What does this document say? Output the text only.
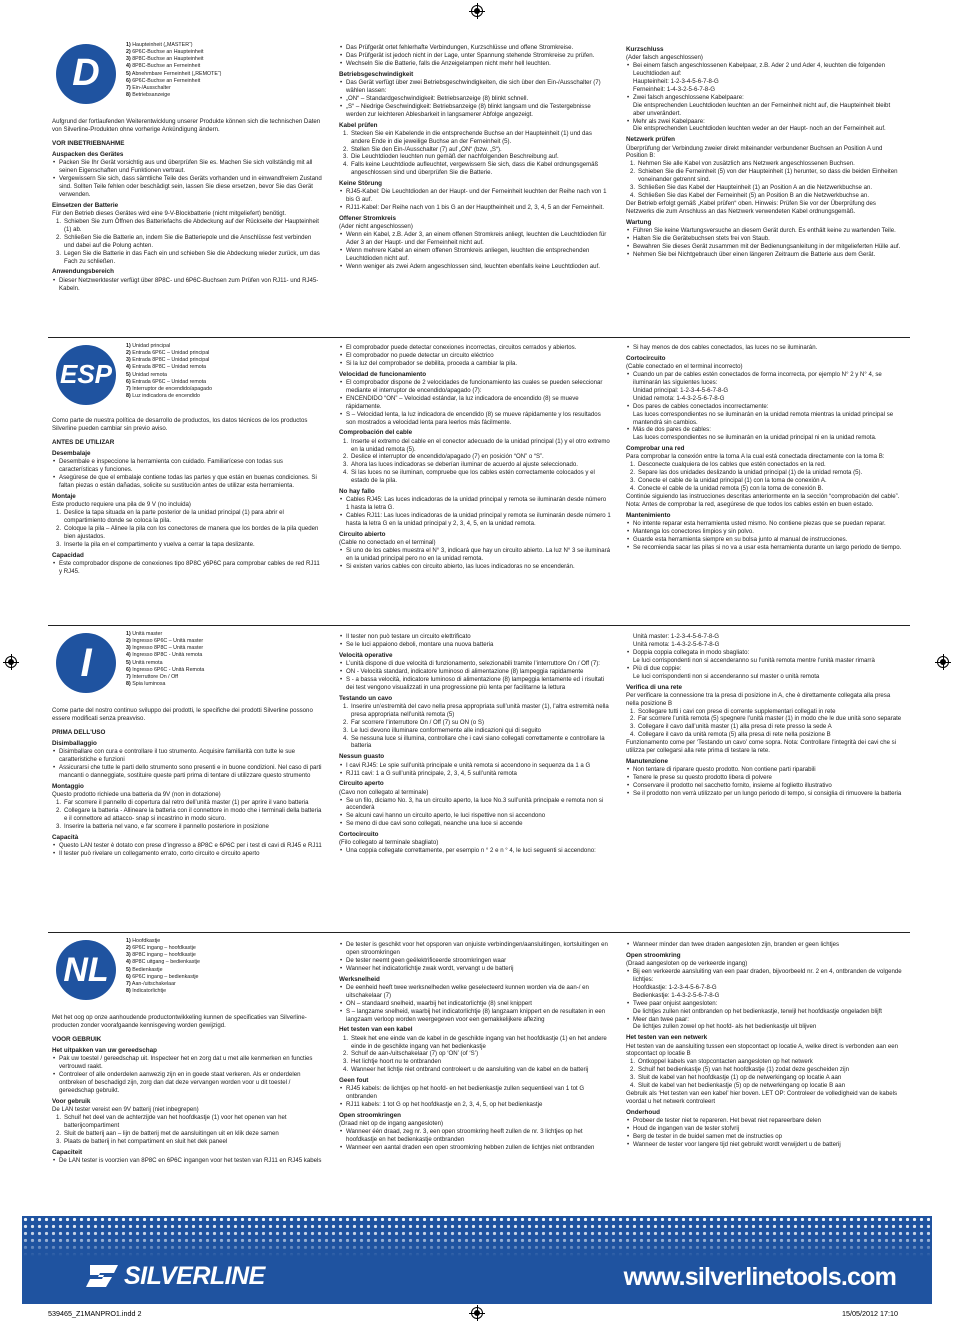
D
1) Haupteinheit („MASTER“)
2) 6P6C-Buchse an Haupteinheit
3) 8P8C-Buchse an Haupteinheit
4) 8P8C-Buchse an Ferneinheit
5) Abnehmbare Ferneinheit („REMOTE“)
6) 6P6C-Buchse an Ferneinheit
7) Ein-/Ausschalter
8) Betriebsanzeige

Aufgrund der fortlaufenden Weiterentwicklung unserer Produkte können sich die technischen Daten von Silverline-Produkten ohne vorherige Ankündigung ändern.

VOR INBETRIEBNAHME
Auspacken des Gerätes
• Packen Sie Ihr Gerät vorsichtig aus und überprüfen Sie es. Machen Sie sich vollständig mit all seinen Eigenschaften und Funktionen vertraut.
• Vergewissern Sie sich, dass sämtliche Teile des Geräts vorhanden und in einwandfreiem Zustand sind. Sollten Teile fehlen oder beschädigt sein, lassen Sie diese ersetzen, bevor Sie das Gerät verwenden.
Einsetzen der Batterie

Für den Betrieb dieses Gerätes wird eine 9-V-Blockbatterie (nicht mitgeliefert) benötigt.

1. Schieben Sie zum Öffnen des Batteriefachs die Abdeckung auf der Rückseite der Haupteinheit (1) ab.
2. Schließen Sie die Batterie an, indem Sie die Batteriepole und die Anschlüsse fest verbinden und dabei auf die Polung achten.
3. Legen Sie die Batterie in das Fach ein und schieben Sie die Abdeckung wieder zurück, um das Fach zu schließen.
Anwendungsbereich
• Dieser Netzwerktester verfügt über 8P8C- und 6P6C-Buchsen zum Prüfen von RJ11- und RJ45-Kabeln.
• Das Prüfgerät ortet fehlerhafte Verbindungen, Kurzschlüsse und offene Stromkreise.
• Das Prüfgerät ist jedoch nicht in der Lage, unter Spannung stehende Stromkreise zu prüfen.
• Wechseln Sie die Batterie, falls die Anzeigelampen nicht mehr hell leuchten.
Betriebsgeschwindigkeit
• Das Gerät verfügt über zwei Betriebsgeschwindigkeiten, die sich über den Ein-/Ausschalter (7) wählen lassen:
• „ON“ – Standardgeschwindigkeit: Betriebsanzeige (8) blinkt schnell.
• „S“ – Niedrige Geschwindigkeit: Betriebsanzeige (8) blinkt langsam und die Testergebnisse werden zur leichteren Ablesbarkeit in langsamerer Abfolge angezeigt.
Kabel prüfen
1. Stecken Sie ein Kabelende in die entsprechende Buchse an der Haupteinheit (1) und das andere Ende in die jeweilige Buchse an der Ferneinheit (5).
2. Stellen Sie den Ein-/Ausschalter (7) auf „ON“ (bzw. „S“).
3. Die Leuchtdioden leuchten nun gemäß der nachfolgenden Beschreibung auf.
4. Falls keine Leuchtdiode aufleuchtet, vergewissern Sie sich, dass die Kabel ordnungsgemäß angeschlossen sind und überprüfen Sie die Batterie.
Keine Störung
• RJ45-Kabel: Die Leuchtdioden an der Haupt- und der Ferneinheit leuchten der Reihe nach von 1 bis G auf.
• RJ11-Kabel: Der Reihe nach von 1 bis G an der Hauptheinheit und 2, 3, 4, 5 an der Ferneinheit.
Offener Stromkreis

(Ader nicht angeschlossen)

• Wenn ein Kabel, z.B. Ader 3, an einem offenen Stromkreis anliegt, leuchten die Leuchtdioden für Ader 3 an der Haupt- und der Ferneinheit nicht auf.
• Wenn mehrere Kabel an einem offenen Stromkreis anliegen, leuchten die entsprechenden Leuchtdioden nicht auf.
• Wenn weniger als zwei Adern angeschlossen sind, leuchten ebenfalls keine Leuchtdioden auf.
Kurzschluss

(Ader falsch angeschlossen)

• Bei einem falsch angeschlossenen Kabelpaar, z.B. Ader 2 und Ader 4, leuchten die folgenden Leuchtdioden auf:
Haupteinheit: 1-2-3-4-5-6-7-8-G
Ferneinheit: 1-4-3-2-5-6-7-8-G
• Zwei falsch angeschlossene Kabelpaare:
Die entsprechenden Leuchtdioden leuchten an der Ferneinheit nicht auf, die Haupteinheit bleibt aber unverändert.
• Mehr als zwei Kabelpaare:
Die entsprechenden Leuchtdioden leuchten weder an der Haupt- noch an der Ferneinheit auf.
Netzwerk prüfen

Überprüfung der Verbindung zweier direkt miteinander verbundener Buchsen an Position A und Position B:

1. Nehmen Sie alle Kabel von zusätzlich ans Netzwerk angeschlossenen Buchsen.
2. Schieben Sie die Ferneinheit (5) von der Haupteinheit (1) herunter, so dass die beiden Einheiten voneinander getrennt sind.
3. Schließen Sie das Kabel der Haupteinheit (1) an Position A an die Netzwerkbuchse an.
4. Schließen Sie das Kabel der Ferneinheit (5) an Position B an die Netzwerkbuchse an.

Der Betrieb erfolgt gemäß „Kabel prüfen“ oben. Hinweis: Prüfen Sie vor der Überprüfung des Netzwerks die zum Anschluss an das Netzwerk verwendeten Kabel ordnungsgemäß.

Wartung
• Führen Sie keine Wartungsversuche an diesem Gerät durch. Es enthält keine zu wartenden Teile.
• Halten Sie die Gerätebuchsen stets frei von Staub.
• Bewahren Sie dieses Gerät zusammen mit der Bedienungsanleitung in der mitgelieferten Hülle auf.
• Nehmen Sie bei Nichtgebrauch über einen längeren Zeitraum die Batterie aus dem Gerät.
ESP
1) Unidad principal
2) Entrada 6P6C – Unidad principal
3) Entrada 8P8C – Unidad principal
4) Entrada 8P8C – Unidad remota
5) Unidad remota
6) Entrada 6P6C – Unidad remota
7) Interruptor de encendido/apagado
8) Luz indicadora de encendido

Como parte de nuestra política de desarrollo de productos, los datos técnicos de los productos Silverline pueden cambiar sin previo aviso.

ANTES DE UTILIZAR
Desembalaje
• Desembale e inspeccione la herramienta con cuidado. Familiarícese con todas sus características y funciones.
• Asegúrese de que el embalaje contiene todas las partes y que están en buenas condiciones. Si faltan piezas o están dañadas, solicite su sustitución antes de utilizar esta herramienta.
Montaje

Este producto requiere una pila de 9 V (no incluida)

1. Deslice la tapa situada en la parte posterior de la unidad principal (1) para abrir el compartimiento donde se coloca la pila.
2. Coloque la pila – Alinee la pila con los conectores de manera que los bordes de la pila queden bien ajustados.
3. Inserte la pila en el compartimento y vuelva a cerrar la tapa deslizante.
Capacidad
• Este comprobador dispone de conexiones tipo 8P8C y6P6C para comprobar cables de red RJ11 y RJ45.
• El comprobador puede detectar conexiones incorrectas, circuitos cerrados y abiertos.
• El comprobador no puede detectar un circuito eléctrico
• Si la luz del comprobador se debilita, proceda a cambiar la pila.
Velocidad de funcionamiento
• El comprobador dispone de 2 velocidades de funcionamiento las cuales se pueden seleccionar mediante el interruptor de encendido/apagado (7):
• ENCENDIDO “ON” – Velocidad estándar, la luz indicadora de encendido (8) se mueve rápidamente.
• S – Velocidad lenta, la luz indicadora de encendido (8) se mueve rápidamente y los resultados son mostrados a velocidad lenta para leerlos más fácilmente.
Comprobación del cable
1. Inserte el extremo del cable en el conector adecuado de la unidad principal (1) y el otro extremo en la unidad remota (5).
2. Deslice el interruptor de encendido/apagado (7) en posición “ON” o “S”.
3. Ahora las luces indicadoras se deberían iluminar de acuerdo al ajuste seleccionado.
4. Si las luces no se iluminan, compruebe que los cables estén correctamente colocados y el estado de la pila.
No hay fallo
• Cables RJ45: Las luces indicadoras de la unidad principal y remota se iluminarán desde número 1 hasta la letra G.
• Cables RJ11: Las luces indicadoras de la unidad principal y remota se iluminarán desde número 1 hasta la letra G en la unidad principal y 2, 3, 4, 5, en la unidad remota.
Circuito abierto

(Cable no conectado en el terminal)

• Si uno de los cables muestra el N° 3, indicará que hay un circuito abierto. La luz N° 3 se iluminará en la unidad principal pero no en la unidad remota.
• Si existen varios cables con circuito abierto, las luces indicadoras no se encenderán.
• Si hay menos de dos cables conectados, las luces no se iluminarán.
Cortocircuito

(Cable conectado en el terminal incorrecto)

• Cuando un par de cables estén conectados de forma incorrecta, por ejemplo N° 2 y N° 4, se iluminarán las siguientes luces:
Unidad principal: 1-2-3-4-5-6-7-8-G
Unidad remota: 1-4-3-2-5-6-7-8-G
• Dos pares de cables conectados incorrectamente:
Las luces correspondientes no se iluminarán en la unidad remota mientras la unidad principal se mantendrá sin cambios.
• Más de dos pares de cables:
Las luces correspondientes no se iluminarán en la unidad principal ni en la unidad remota.
Comprobar una red

Para comprobar la conexión entre la toma A la cual está conectada directamente con la toma B:

1. Desconecte cualquiera de los cables que estén conectados en la red.
2. Separe las dos unidades deslizando la unidad principal (1) de la unidad remota (5).
3. Conecte el cable de la unidad principal (1) con la toma de conexión A.
4. Conecte el cable de la unidad remota (5) con la toma de conexión B.

Continúe siguiendo las instrucciones descritas anteriormente en la sección “comprobación del cable”. Nota: Antes de comprobar la red, asegúrese de que todos los cables estén en buen estado.

Mantenimiento
• No intente reparar esta herramienta usted mismo. No contiene piezas que se puedan reparar.
• Mantenga los conectores limpios y sin polvo.
• Guarde esta herramienta siempre en su bolsa junto al manual de instrucciones.
• Se recomienda sacar las pilas si no va a usar esta herramienta durante un largo periodo de tiempo.
I
1) Unità master
2) Ingresso 6P6C – Unità master
3) Ingresso 8P8C – Unità master
4) Ingresso 8P8C - Unità remota
5) Unità remota
6) Ingresso 6P6C - Unità Remota
7) Interruttore On / Off
8) Spia luminosa

Come parte del nostro continuo sviluppo dei prodotti, le specifiche dei prodotti Silverline possono essere modificati senza preavviso.

PRIMA DELL'USO
Disimballaggio
• Disimballare con cura e controllare il tuo strumento. Acquisire familiarità con tutte le sue caratteristiche e funzioni
• Assicurarsi che tutte le parti dello strumento sono presenti e in buone condizioni. Nel caso di parti mancanti o danneggiate, sostituire queste parti prima di tentare di utilizzare questo strumento
Montaggio

Questo prodotto richiede una batteria da 9V (non in dotazione)

1. Far scorrere il pannello di copertura dal retro dell’unità master (1) per aprire il vano batteria
2. Collegare la batteria - Allineare la batteria con il connettore in modo che i terminali della batteria e il connettore ad attacco- snap si incastrino in modo sicuro.
3. Inserire la batteria nel vano, e far scorrere il pannello posteriore in posizione
Capacità
• Questo LAN tester è dotato con prese d’ingresso a 8P8C e 6P6C per i test di cavi di RJ45 e RJ11
• Il tester può rivelare un collegamento errato, corto circuito e circuito aperto
• Il tester non può testare un circuito elettrificato
• Se le luci appaiono deboli, montare una nuova batteria
Velocità operative
• L’unità dispone di due velocità di funzionamento, selezionabili tramite l’interruttore On / Off (7):
• ON - Velocità standard, indicatore luminoso di alimentazione (8) lampeggia rapidamente
• S - a bassa velocità, indicatore luminoso di alimentazione (8) lampeggia lentamente ed i risultati dei test vengono visualizzati in una progressione più lenta per facilitarne la lettura
Testando un cavo
1. Inserire un’estremità del cavo nella presa appropriata sull’unità master (1), l’altra estremità nella presa appropriata nell’unità remota (5)
2. Far scorrere l’interruttore On / Off (7) su ON (o S)
3. Le luci devono illuminare conformemente alle indicazioni qui di seguito
4. Se nessuna luce si illumina, controllare che i cavi siano collegati correttamente e controllare la batteria
Nessun guasto
• I cavi RJ45: Le spie sull’unità principale e unità remota si accendono in sequenza da 1 a G
• RJ11 cavi: 1 a G sull’unità principale, 2, 3, 4, 5 sull’unità remota
Circuito aperto

(Cavo non collegato al terminale)

• Se un filo, diciamo No. 3, ha un circuito aperto, la luce No.3 sull’unità principale e remota non si accenderà
• Se alcuni cavi hanno un circuito aperto, le luci rispettive non si accendono
• Se meno di due cavi sono collegati, neanche una luce si accende
Cortocircuito

(Filo collegato al terminale sbagliato)

• Una coppia collegate correttamente, per esempio n ° 2 e n ° 4, le luci seguenti si accendono:
Unità master: 1-2-3-4-5-6-7-8-G
Unità remota: 1-4-3-2-5-6-7-8-G
• Doppia coppia collegata in modo sbagliato:
Le luci corrispondenti non si accenderanno su l’unità remota mentre l’unità master rimarrà
• Più di due coppie:
Le luci corrispondenti non si accenderanno sul master o unità remota
Verifica di una rete

Per verificare la connessione tra la presa di posizione in A, che è direttamente collegata alla presa nella posizione B

1. Scollegare tutti i cavi con prese di corrente supplementari collegati in rete
2. Far scorrere l’unità remota (5) spegnere l’unità master (1) in modo che le due unità sono separate
3. Collegare il cavo dall’unità master (1) alla presa di rete presso la sede A
4. Collegare il cavo da unità remota (5) alla presa di rete nella posizione B

Funzionamento come per ‘Testando un cavo’ come sopra. Nota: Controllare l’integrità dei cavi che si utilizza per collegarsi alla rete prima di testare la rete.

Manutenzione
• Non tentare di riparare questo prodotto. Non contiene parti riparabili
• Tenere le prese su questo prodotto libera di polvere
• Conservare il prodotto nel sacchetto fornito, insieme al foglietto illustrativo
• Se il prodotto non verrà utilizzato per un lungo periodo di tempo, si consiglia di rimuovere la batteria
NL
1) Hoofdkastje
2) 6P6C ingang – hoofdkastje
3) 8P8C ingang – hoofdkastje
4) 8P8C uitgang – bedienkastje
5) Bedienkastje
6) 6P6C ingang – bedienkastje
7) Aan-/uitschakelaar
8) Indicatorlichtje

Met het oog op onze aanhoudende productontwikkeling kunnen de specificaties van Silverline-producten zonder voorafgaande kennisgeving worden gewijzigd.

VOOR GEBRUIK
Het uitpakken van uw gereedschap
• Pak uw toestel / gereedschap uit. Inspecteer het en zorg dat u met alle kenmerken en functies vertrouwd raakt.
• Controleer of alle onderdelen aanwezig zijn en in goede staat verkeren. Als er onderdelen ontbreken of beschadigd zijn, zorg dan dat deze vervangen worden voor u dit toestel / gereedschap gebruikt.
Voor gebruik

De LAN tester vereist een 9V batterij (niet inbegrepen)

1. Schuif het deel van de achterzijde van het hoofdkastje (1) voor het openen van het batterijcompartiment
2. Sluit de batterij aan – lijn de batterij met de aansluitingen uit en klik deze samen
3. Plaats de batterij in het compartiment en sluit het dek paneel
Capaciteit
• De LAN tester is voorzien van 8P8C en 6P6C ingangen voor het testen van RJ11 en RJ45 kabels
• De tester is geschikt voor het opsporen van onjuiste verbindingen/aansluitingen, kortsluitingen en open stroomkringen
• De tester neemt geen geëlektrificeerde stroomkringen waar
• Wanneer het indicatorlichtje zwak wordt, vervangt u de batterij
Werksnelheid
• De eenheid heeft twee werksnelheden welke geselecteerd kunnen worden via de aan-/ en uitschakelaar (7)
• ON – standaard snelheid, waarbij het indicatorlichtje (8) snel knippert
• S – langzame snelheid, waarbij het indicatorlichtje (8) langzaam knippert en de resultaten in een langzaam verloop worden weergegeven voor een gemakkelijkere aflezing
Het testen van een kabel
1. Steek het ene einde van de kabel in de geschikte ingang van het hoofdkastje (1) en het andere einde in de geschikte ingang van het bedienkastje
2. Schuif de aan-/uitschakelaar (7) op ‘ON’ (of ‘S’)
3. Het lichtje hoort nu te ontbranden
4. Wanneer het lichtje niet ontbrand controleert u de aansluiting van de kabel en de batterij
Geen fout
• RJ45 kabels: de lichtjes op het hoofd- en het bedienkastje zullen sequentieel van 1 tot G ontbranden
• RJ11 kabels: 1 tot G op het hoofdkastje en 2, 3, 4, 5, op het bedienkastje
Open stroomkringen

(Draad niet op de ingang aangesloten)

• Wanneer één draad, zeg nr. 3, een open stroomkring heeft zullen de nr. 3 lichtjes op het hoofdkastje en het bedienkastje ontbranden
• Wanneer een aantal draden een open stroomkring hebben zullen de lichtjes niet ontbranden
• Wanneer minder dan twee draden aangesloten zijn, branden er geen lichtjes
Open stroomkring

(Draad aangesloten op de verkeerde ingang)

• Bij een verkeerde aansluiting van een paar draden, bijvoorbeeld nr. 2 en 4, ontbranden de volgende lichtjes:
Hoofdkastje: 1-2-3-4-5-6-7-8-G
Bedienkastje: 1-4-3-2-5-6-7-8-G
• Twee paar onjuist aangesloten:
De lichtjes zullen niet ontbranden op het bedienkastje, terwijl het hoofdkastje ongeladen blijft
• Meer dan twee paar:
De lichtjes zullen zowel op het hoofd- als het bedienkastje uit blijven
Het testen van een netwerk

Het testen van de aansluiting tussen een stopcontact op locatie A, welke direct is verbonden aan een stopcontact op locatie B

1. Ontkoppel kabels van stopcontacten aangesloten op het netwerk
2. Schuif het bedienkastje (5) van het hoofdkastje (1) zodat deze gescheiden zijn
3. Sluit de kabel van het hoofdkastje (1) op de netwerkingang op locatie A aan
4. Sluit de kabel van het bedienkastje (5) op de netwerkingang op locatie B aan

Gebruik als ‘Het testen van een kabel’ hier boven. LET OP: Controleer de volledigheid van de kabels voordat u het netwerk controleert

Onderhoud
• Probeer de tester niet te repareren. Het bevat niet repareerbare delen
• Houd de ingangen van de tester stofvrij
• Berg de tester in de buidel samen met de instructies op
• Wanneer de tester voor langere tijd niet gebruikt wordt verwijdert u de batterij
SILVERLINE	www.silverlinetools.com
539465_Z1MANPRO1.indd 2	15/05/2012 17:10
